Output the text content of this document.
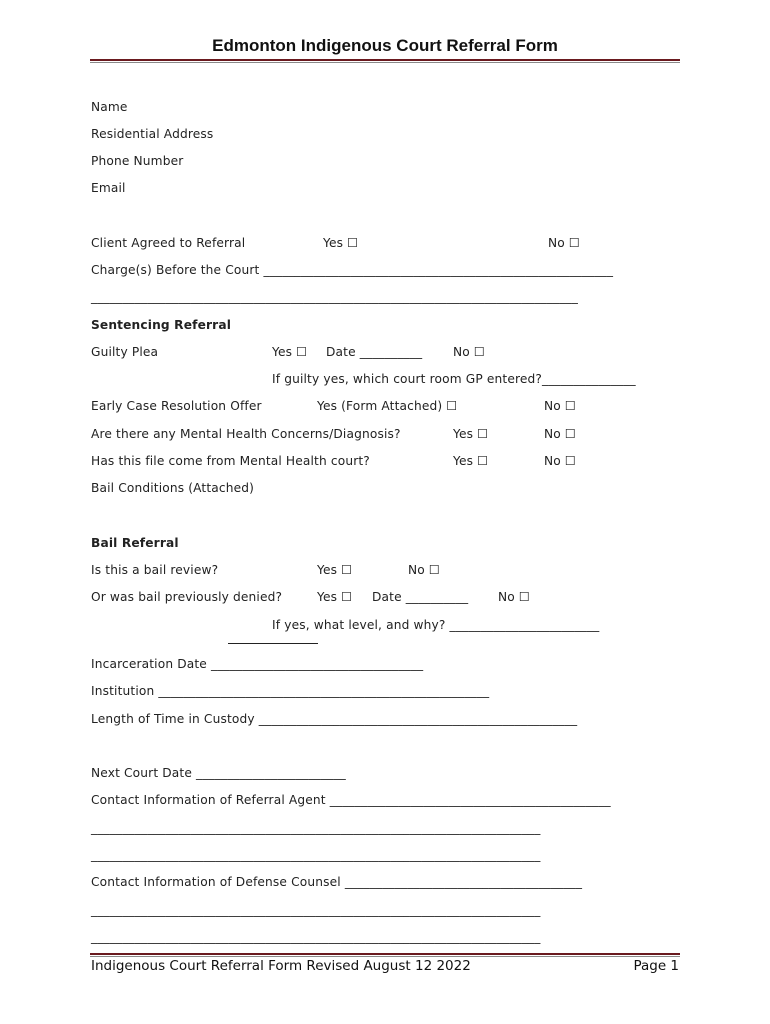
Edmonton Indigenous Court Referral Form
Name
Residential Address
Phone Number
Email
Client Agreed to Referral	Yes ☐	No ☐
Charge(s) Before the Court ________________________________________________________
______________________________________________________________________________
Sentencing Referral
Guilty Plea	Yes ☐ Date __________	No ☐
If guilty yes, which court room GP entered?_______________
Early Case Resolution Offer	Yes (Form Attached) ☐	No ☐
Are there any Mental Health Concerns/Diagnosis?	Yes ☐	No ☐
Has this file come from Mental Health court?	Yes ☐	No ☐
Bail Conditions (Attached)
Bail Referral
Is this a bail review?	Yes ☐	No ☐
Or was bail previously denied?	Yes ☐ Date __________ No ☐
If yes, what level, and why? ________________________
Incarceration Date __________________________________
Institution _____________________________________________________
Length of Time in Custody ___________________________________________________
Next Court Date ________________________
Contact Information of Referral Agent _____________________________________________
________________________________________________________________________
________________________________________________________________________
Contact Information of Defense Counsel ______________________________________
________________________________________________________________________
________________________________________________________________________
Indigenous Court Referral Form Revised August 12 2022	Page 1
